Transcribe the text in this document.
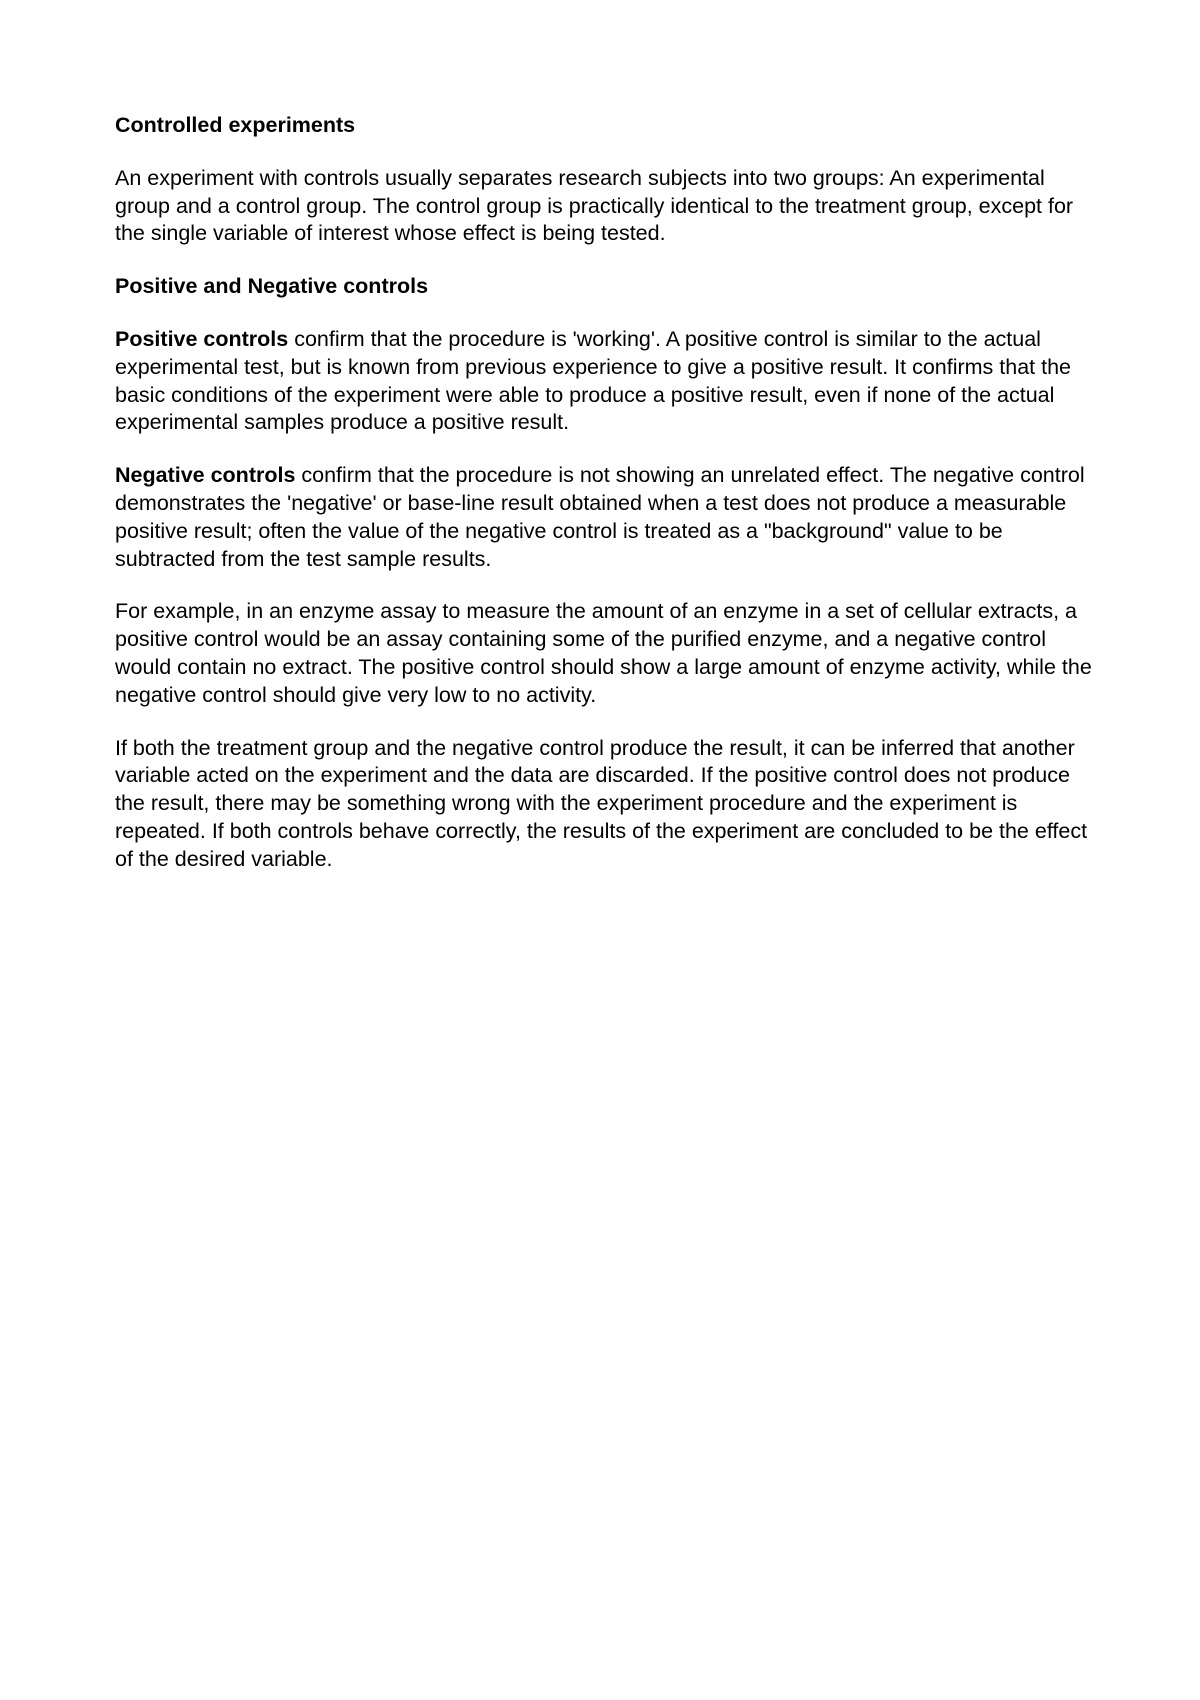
Controlled experiments
An experiment with controls usually separates research subjects into two groups: An experimental group and a control group. The control group is practically identical to the treatment group, except for the single variable of interest whose effect is being tested.
Positive and Negative controls
Positive controls confirm that the procedure is 'working'. A positive control is similar to the actual experimental test, but is known from previous experience to give a positive result. It confirms that the basic conditions of the experiment were able to produce a positive result, even if none of the actual experimental samples produce a positive result.
Negative controls confirm that the procedure is not showing an unrelated effect. The negative control demonstrates the 'negative' or base-line result obtained when a test does not produce a measurable positive result; often the value of the negative control is treated as a "background" value to be subtracted from the test sample results.
For example, in an enzyme assay to measure the amount of an enzyme in a set of cellular extracts, a positive control would be an assay containing some of the purified enzyme, and a negative control would contain no extract. The positive control should show a large amount of enzyme activity, while the negative control should give very low to no activity.
If both the treatment group and the negative control produce the result, it can be inferred that another variable acted on the experiment and the data are discarded. If the positive control does not produce the result, there may be something wrong with the experiment procedure and the experiment is repeated. If both controls behave correctly, the results of the experiment are concluded to be the effect of the desired variable.
